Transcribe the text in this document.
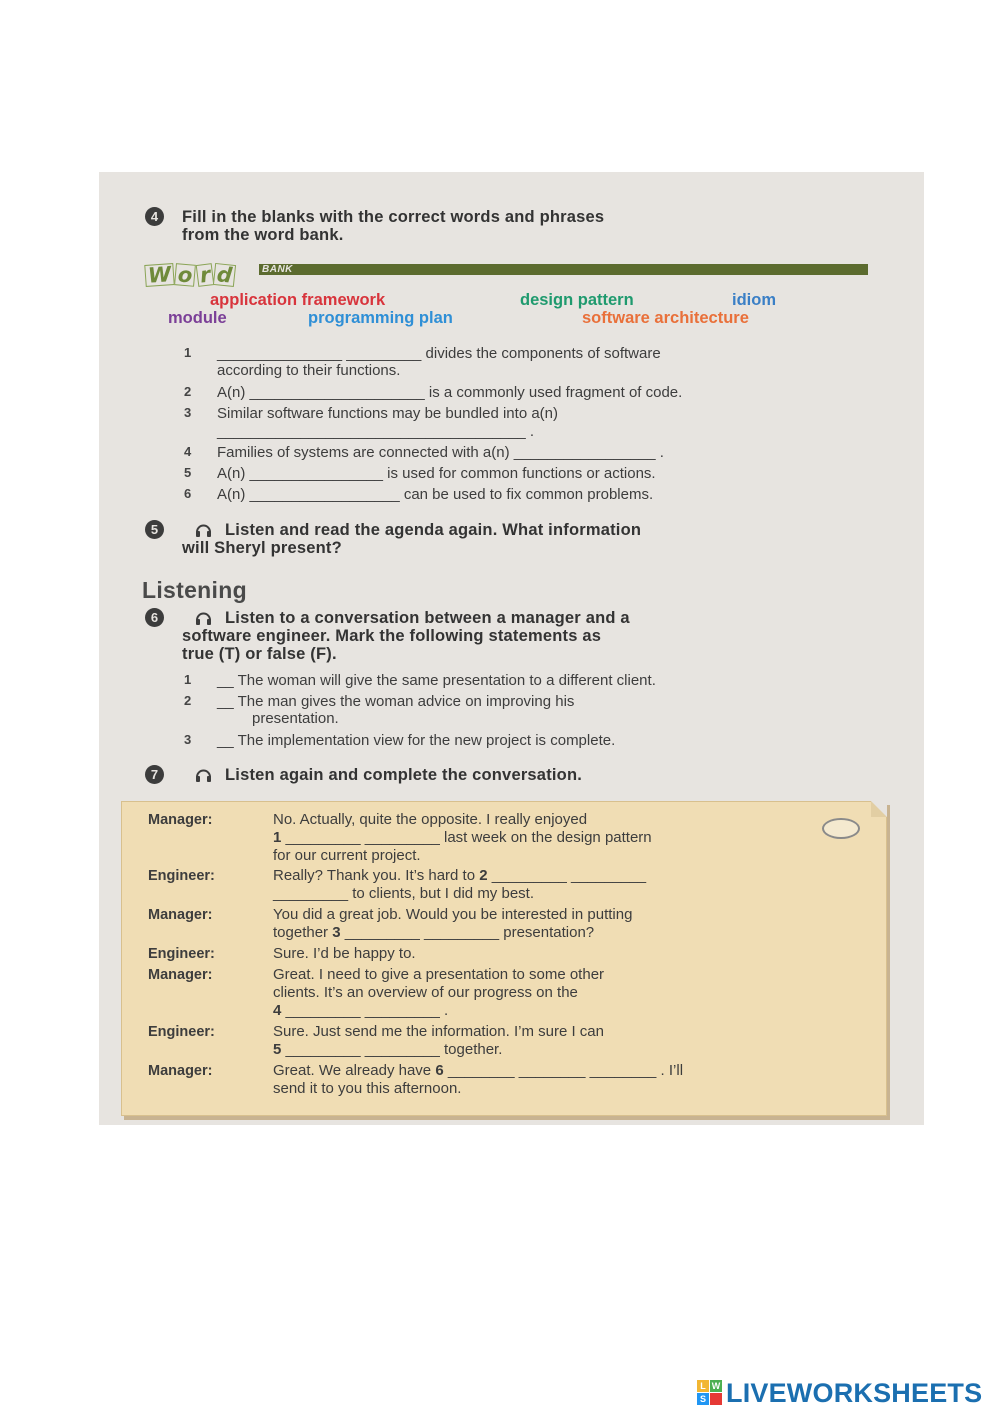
4	Fill in the blanks with the correct words and phrases
from the word bank.
W o r d	BANK
application framework	design pattern	idiom
module	programming plan	software architecture
1 _______________ _________ divides the components of software
according to their functions.
2 A(n) _____________________ is a commonly used fragment of code.
3 Similar software functions may be bundled into a(n)
_____________________________________ .
4 Families of systems are connected with a(n) _________________ .
5 A(n) ________________ is used for common functions or actions.
6 A(n) __________________ can be used to fix common problems.
5	Listen and read the agenda again. What information
will Sheryl present?
Listening
6	Listen to a conversation between a manager and a
software engineer. Mark the following statements as
true (T) or false (F).
1 __ The woman will give the same presentation to a different client.
2 __ The man gives the woman advice on improving his
presentation.
3 __ The implementation view for the new project is complete.
7	Listen again and complete the conversation.
Manager:	No. Actually, quite the opposite. I really enjoyed
1 _________ _________ last week on the design pattern
for our current project.
Engineer:	Really? Thank you. It’s hard to 2 _________ _________
_________ to clients, but I did my best.
Manager:	You did a great job. Would you be interested in putting
together 3 _________ _________ presentation?
Engineer:	Sure. I’d be happy to.
Manager:	Great. I need to give a presentation to some other
clients. It’s an overview of our progress on the
4 _________ _________ .
Engineer:	Sure. Just send me the information. I’m sure I can
5 _________ _________ together.
Manager:	Great. We already have 6 ________ ________ ________ . I’ll
send it to you this afternoon.
L W
S LIVEWORKSHEETS
